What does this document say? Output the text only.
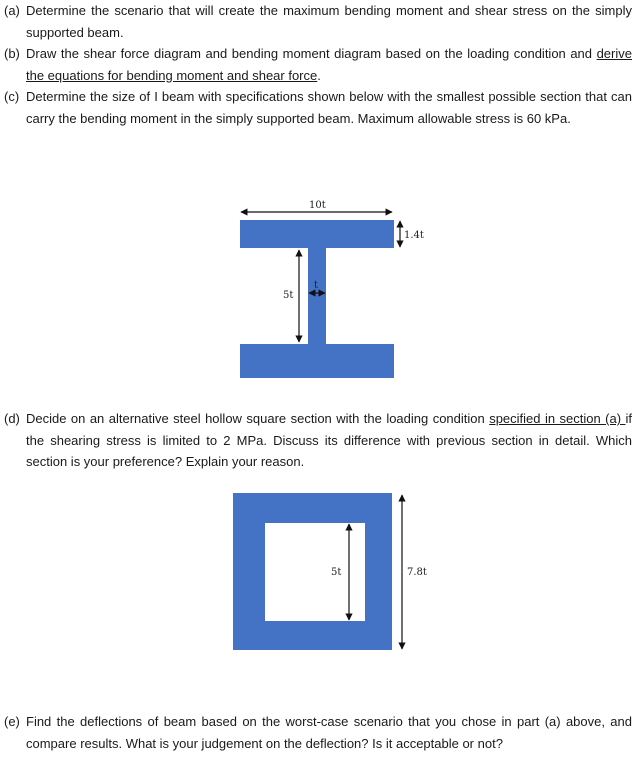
(a) Determine the scenario that will create the maximum bending moment and shear stress on the simply supported beam.
(b) Draw the shear force diagram and bending moment diagram based on the loading condition and derive the equations for bending moment and shear force.
(c) Determine the size of I beam with specifications shown below with the smallest possible section that can carry the bending moment in the simply supported beam. Maximum allowable stress is 60 kPa.
10t
1.4t
5t
t
(d) Decide on an alternative steel hollow square section with the loading condition specified in section (a) if the shearing stress is limited to 2 MPa. Discuss its difference with previous section in detail. Which section is your preference? Explain your reason.
5t	7.8t
(e) Find the deflections of beam based on the worst-case scenario that you chose in part (a) above, and compare results. What is your judgement on the deflection? Is it acceptable or not?
